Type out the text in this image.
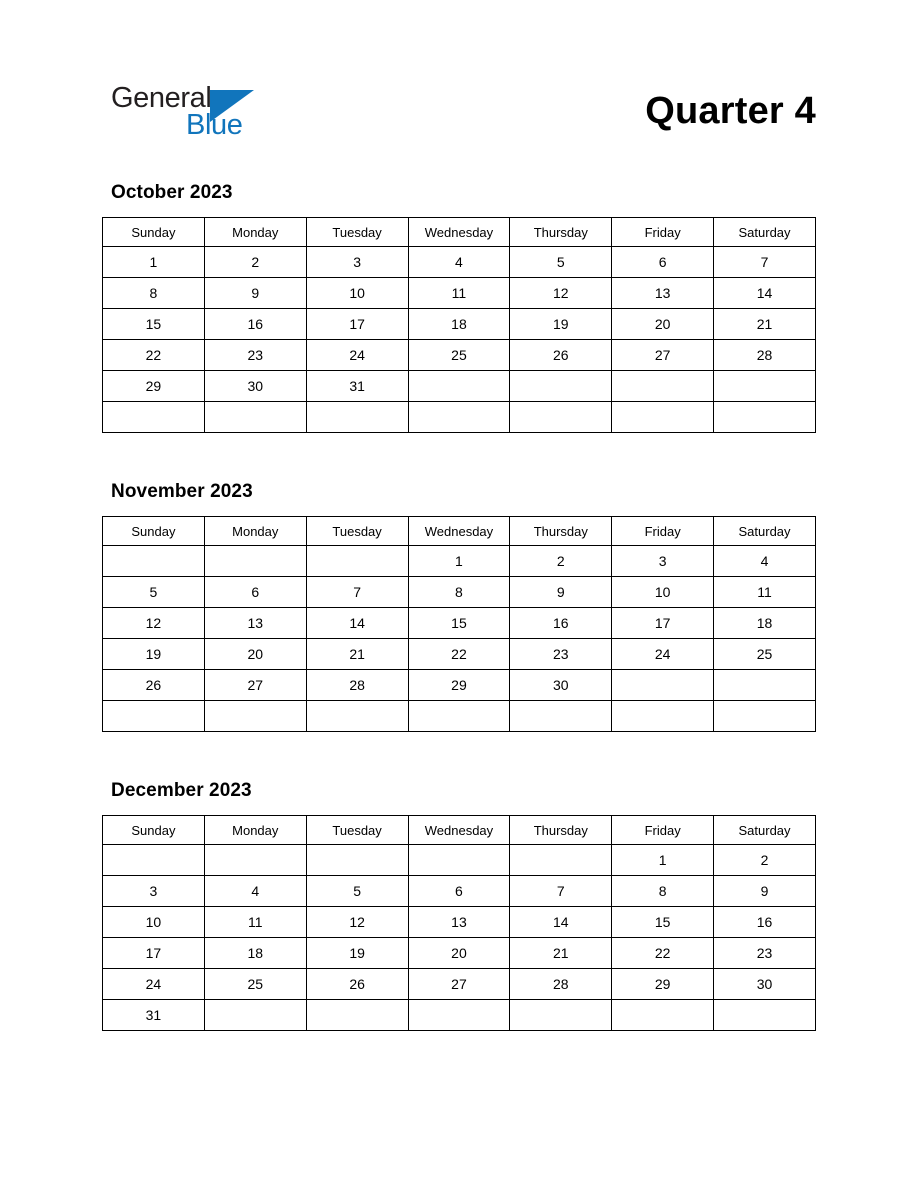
General
Blue	Quarter 4
October 2023
Sunday	Monday	Tuesday	Wednesday	Thursday	Friday	Saturday
1	2	3	4	5	6	7
8	9	10	11	12	13	14
15	16	17	18	19	20	21
22	23	24	25	26	27	28
29	30	31				

November 2023
Sunday	Monday	Tuesday	Wednesday	Thursday	Friday	Saturday
			1	2	3	4
5	6	7	8	9	10	11
12	13	14	15	16	17	18
19	20	21	22	23	24	25
26	27	28	29	30		

December 2023
Sunday	Monday	Tuesday	Wednesday	Thursday	Friday	Saturday
					1	2
3	4	5	6	7	8	9
10	11	12	13	14	15	16
17	18	19	20	21	22	23
24	25	26	27	28	29	30
31						
